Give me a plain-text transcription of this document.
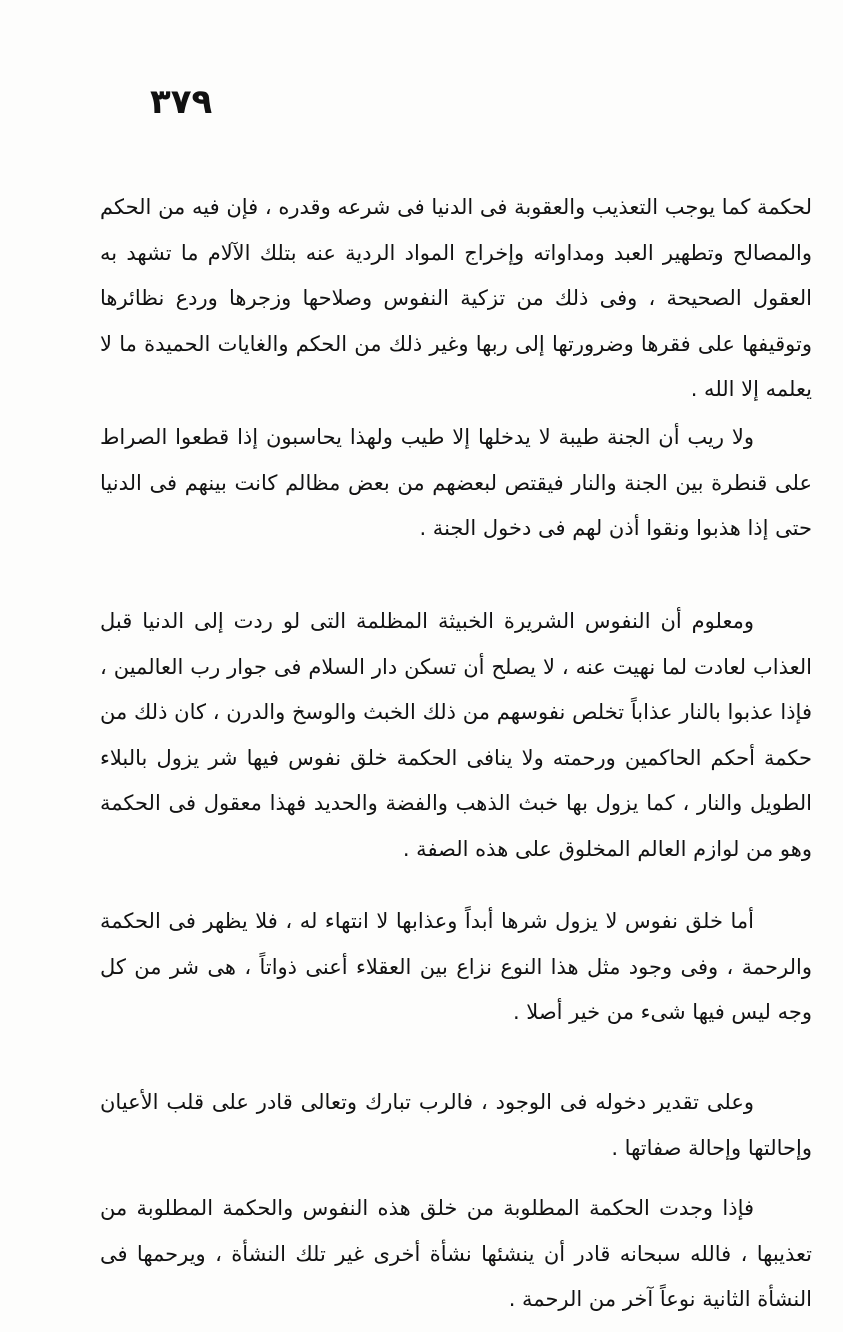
٣٧٩

لحكمة كما يوجب التعذيب والعقوبة فى الدنيا فى شرعه وقدره ، فإن فيه من الحكم والمصالح وتطهير العبد ومداواته وإخراج المواد الردية عنه بتلك الآلام ما تشهد به العقول الصحيحة ، وفى ذلك من تزكية النفوس وصلاحها وزجرها وردع نظائرها وتوقيفها على فقرها وضرورتها إلى ربها وغير ذلك من الحكم والغايات الحميدة ما لا يعلمه إلا الله .

ولا ريب أن الجنة طيبة لا يدخلها إلا طيب ولهذا يحاسبون إذا قطعوا الصراط على قنطرة بين الجنة والنار فيقتص لبعضهم من بعض مظالم كانت بينهم فى الدنيا حتى إذا هذبوا ونقوا أذن لهم فى دخول الجنة .

ومعلوم أن النفوس الشريرة الخبيثة المظلمة التى لو ردت إلى الدنيا قبل العذاب لعادت لما نهيت عنه ، لا يصلح أن تسكن دار السلام فى جوار رب العالمين ، فإذا عذبوا بالنار عذاباً تخلص نفوسهم من ذلك الخبث والوسخ والدرن ، كان ذلك من حكمة أحكم الحاكمين ورحمته ولا ينافى الحكمة خلق نفوس فيها شر يزول بالبلاء الطويل والنار ، كما يزول بها خبث الذهب والفضة والحديد فهذا معقول فى الحكمة وهو من لوازم العالم المخلوق على هذه الصفة .

أما خلق نفوس لا يزول شرها أبداً وعذابها لا انتهاء له ، فلا يظهر فى الحكمة والرحمة ، وفى وجود مثل هذا النوع نزاع بين العقلاء أعنى ذواتاً ، هى شر من كل وجه ليس فيها شىء من خير أصلا .

وعلى تقدير دخوله فى الوجود ، فالرب تبارك وتعالى قادر على قلب الأعيان وإحالتها وإحالة صفاتها .

فإذا وجدت الحكمة المطلوبة من خلق هذه النفوس والحكمة المطلوبة من تعذيبها ، فالله سبحانه قادر أن ينشئها نشأة أخرى غير تلك النشأة ، ويرحمها فى النشأة الثانية نوعاً آخر من الرحمة .
